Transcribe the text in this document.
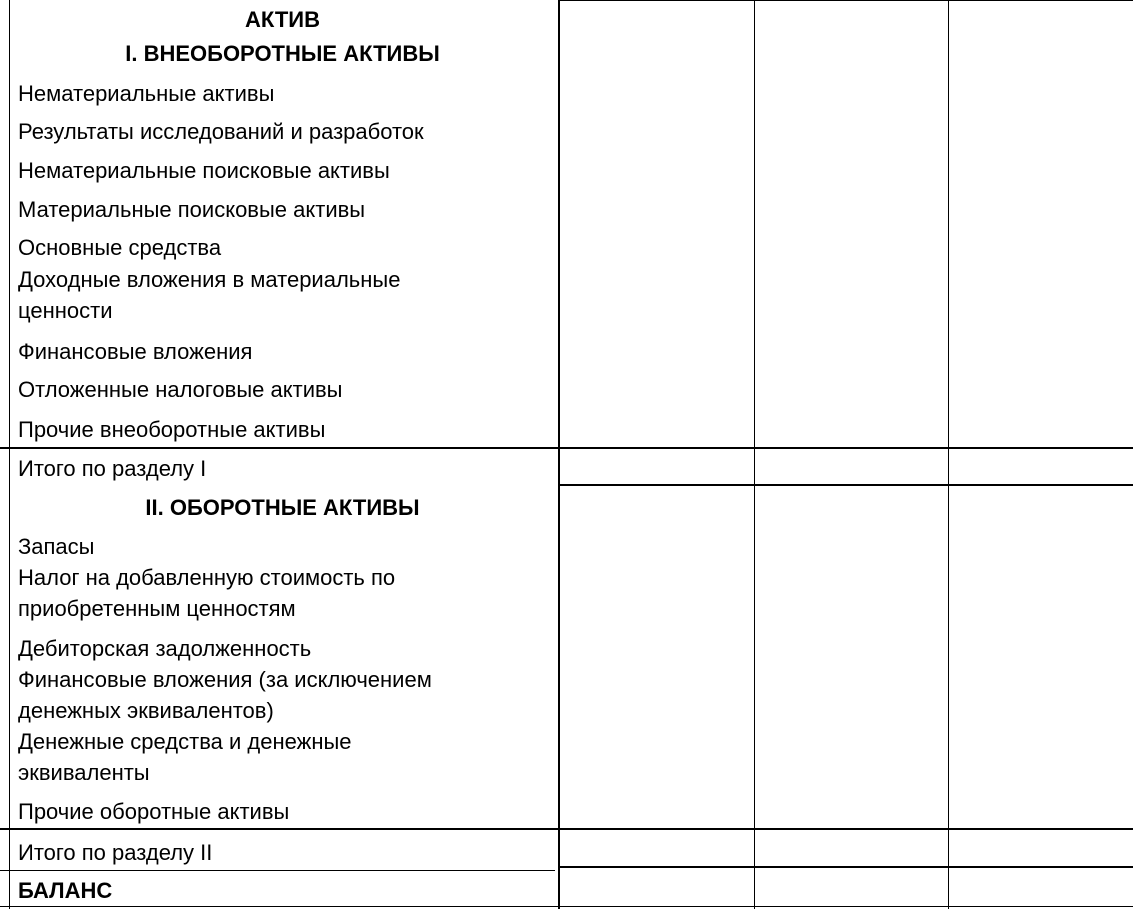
АКТИВ
I. ВНЕОБОРОТНЫЕ АКТИВЫ
Нематериальные активы
Результаты исследований и разработок
Нематериальные поисковые активы
Материальные поисковые активы
Основные средства
Доходные вложения в материальные
ценности
Финансовые вложения
Отложенные налоговые активы
Прочие внеоборотные активы
Итого по разделу I
II. ОБОРОТНЫЕ АКТИВЫ
Запасы
Налог на добавленную стоимость по
приобретенным ценностям
Дебиторская задолженность
Финансовые вложения (за исключением
денежных эквивалентов)
Денежные средства и денежные
эквиваленты
Прочие оборотные активы
Итого по разделу II
БАЛАНС
